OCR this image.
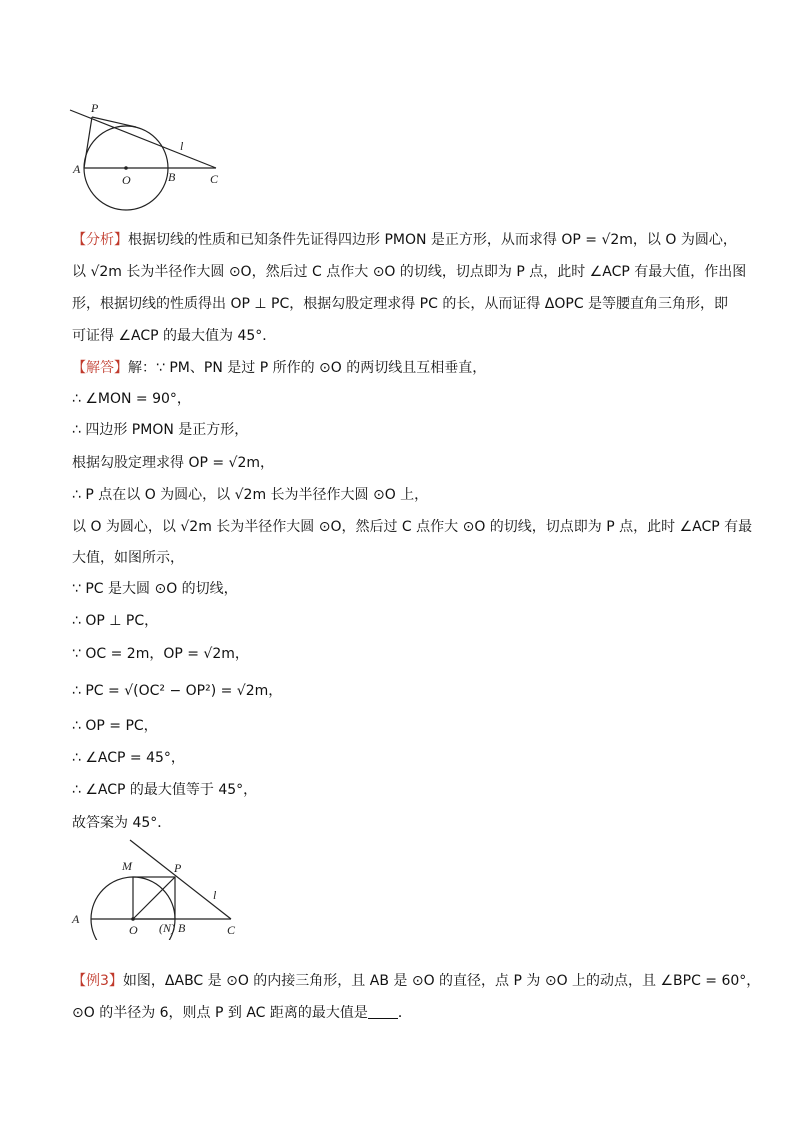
P
l
A
O	B	C
【分析】根据切线的性质和已知条件先证得四边形 PMON 是正方形，从而求得 OP = √2m，以 O 为圆心，
以 √2m 长为半径作大圆 ⊙O，然后过 C 点作大 ⊙O 的切线，切点即为 P 点，此时 ∠ACP 有最大值，作出图
形，根据切线的性质得出 OP ⊥ PC，根据勾股定理求得 PC 的长，从而证得 ΔOPC 是等腰直角三角形，即
可证得 ∠ACP 的最大值为 45°．
【解答】解：∵ PM、PN 是过 P 所作的 ⊙O 的两切线且互相垂直，
∴ ∠MON = 90°，
∴ 四边形 PMON 是正方形，
根据勾股定理求得 OP = √2m，
∴ P 点在以 O 为圆心，以 √2m 长为半径作大圆 ⊙O 上，
以 O 为圆心，以 √2m 长为半径作大圆 ⊙O，然后过 C 点作大 ⊙O 的切线，切点即为 P 点，此时 ∠ACP 有最
大值，如图所示，
∵ PC 是大圆 ⊙O 的切线，
∴ OP ⊥ PC，
∵ OC = 2m，OP = √2m，
∴ PC = √(OC² − OP²) = √2m，
∴ OP = PC，
∴ ∠ACP = 45°，
∴ ∠ACP 的最大值等于 45°，
故答案为 45°．
M	P
l
A
O (N) B	C
【例3】如图，ΔABC 是 ⊙O 的内接三角形，且 AB 是 ⊙O 的直径，点 P 为 ⊙O 上的动点，且 ∠BPC = 60°，
⊙O 的半径为 6，则点 P 到 AC 距离的最大值是 ．
